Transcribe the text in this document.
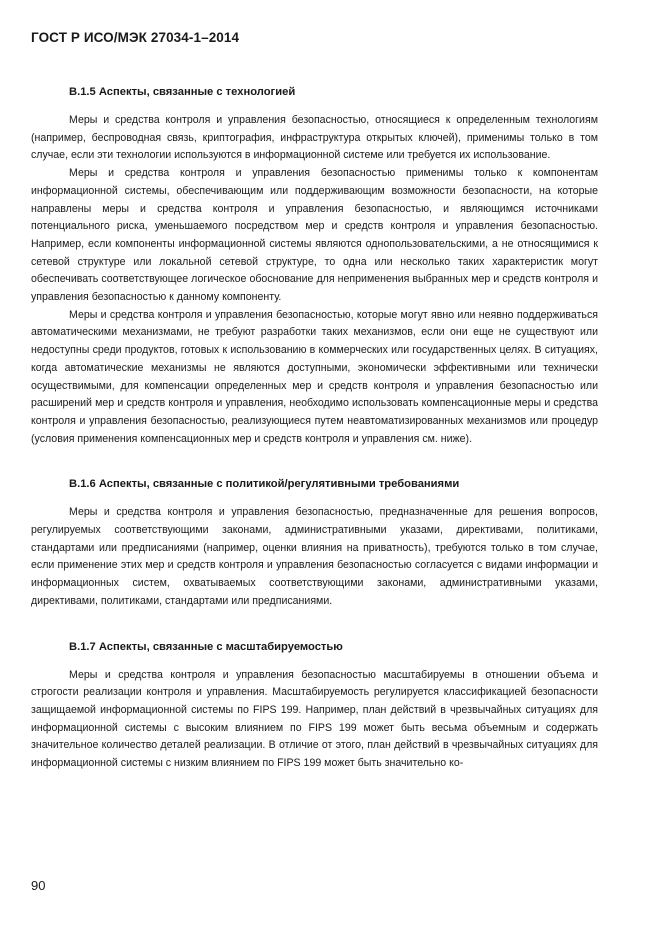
ГОСТ Р ИСО/МЭК 27034-1–2014

B.1.5 Аспекты, связанные с технологией

Меры и средства контроля и управления безопасностью, относящиеся к определенным технологиям (например, беспроводная связь, криптография, инфраструктура открытых ключей), применимы только в том случае, если эти технологии используются в информационной системе или требуется их использование.

Меры и средства контроля и управления безопасностью применимы только к компонентам информационной системы, обеспечивающим или поддерживающим возможности безопасности, на которые направлены меры и средства контроля и управления безопасностью, и являющимся источниками потенциального риска, уменьшаемого посредством мер и средств контроля и управления безопасностью. Например, если компоненты информационной системы являются однопользовательскими, а не относящимися к сетевой структуре или локальной сетевой структуре, то одна или несколько таких характеристик могут обеспечивать соответствующее логическое обоснование для неприменения выбранных мер и средств контроля и управления безопасностью к данному компоненту.

Меры и средства контроля и управления безопасностью, которые могут явно или неявно поддерживаться автоматическими механизмами, не требуют разработки таких механизмов, если они еще не существуют или недоступны среди продуктов, готовых к использованию в коммерческих или государственных целях. В ситуациях, когда автоматические механизмы не являются доступными, экономически эффективными или технически осуществимыми, для компенсации определенных мер и средств контроля и управления безопасностью или расширений мер и средств контроля и управления, необходимо использовать компенсационные меры и средства контроля и управления безопасностью, реализующиеся путем неавтоматизированных механизмов или процедур (условия применения компенсационных мер и средств контроля и управления см. ниже).

B.1.6 Аспекты, связанные с политикой/регулятивными требованиями

Меры и средства контроля и управления безопасностью, предназначенные для решения вопросов, регулируемых соответствующими законами, административными указами, директивами, политиками, стандартами или предписаниями (например, оценки влияния на приватность), требуются только в том случае, если применение этих мер и средств контроля и управления безопасностью согласуется с видами информации и информационных систем, охватываемых соответствующими законами, административными указами, директивами, политиками, стандартами или предписаниями.

B.1.7 Аспекты, связанные с масштабируемостью

Меры и средства контроля и управления безопасностью масштабируемы в отношении объема и строгости реализации контроля и управления. Масштабируемость регулируется классификацией безопасности защищаемой информационной системы по FIPS 199. Например, план действий в чрезвычайных ситуациях для информационной системы с высоким влиянием по FIPS 199 может быть весьма объемным и содержать значительное количество деталей реализации. В отличие от этого, план действий в чрезвычайных ситуациях для информационной системы с низким влиянием по FIPS 199 может быть значительно ко-

90
